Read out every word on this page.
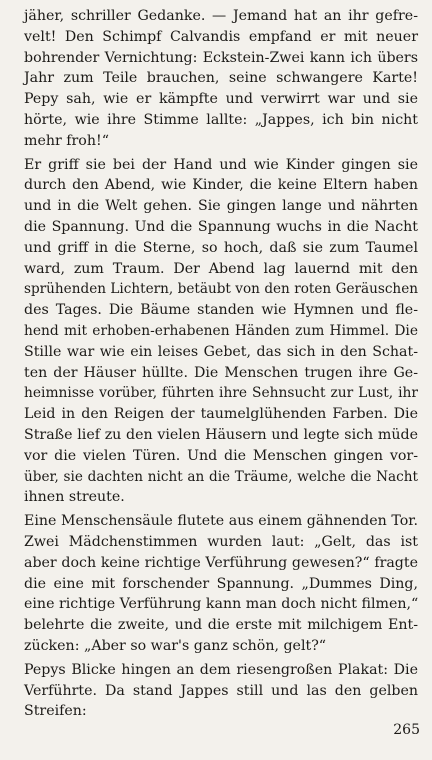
jäher, schriller Gedanke. — Jemand hat an ihr gefre-
velt! Den Schimpf Calvandis empfand er mit neuer
bohrender Vernichtung: Eckstein-Zwei kann ich übers
Jahr zum Teile brauchen, seine schwangere Karte!
Pepy sah, wie er kämpfte und verwirrt war und sie
hörte, wie ihre Stimme lallte: „Jappes, ich bin nicht
mehr froh!“

Er griff sie bei der Hand und wie Kinder gingen sie
durch den Abend, wie Kinder, die keine Eltern haben
und in die Welt gehen. Sie gingen lange und nährten
die Spannung. Und die Spannung wuchs in die Nacht
und griff in die Sterne, so hoch, daß sie zum Taumel
ward, zum Traum. Der Abend lag lauernd mit den
sprühenden Lichtern, betäubt von den roten Geräuschen
des Tages. Die Bäume standen wie Hymnen und fle-
hend mit erhoben-erhabenen Händen zum Himmel. Die
Stille war wie ein leises Gebet, das sich in den Schat-
ten der Häuser hüllte. Die Menschen trugen ihre Ge-
heimnisse vorüber, führten ihre Sehnsucht zur Lust, ihr
Leid in den Reigen der taumelglühenden Farben. Die
Straße lief zu den vielen Häusern und legte sich müde
vor die vielen Türen. Und die Menschen gingen vor-
über, sie dachten nicht an die Träume, welche die Nacht
ihnen streute.

Eine Menschensäule flutete aus einem gähnenden Tor.
Zwei Mädchenstimmen wurden laut: „Gelt, das ist
aber doch keine richtige Verführung gewesen?“ fragte
die eine mit forschender Spannung. „Dummes Ding,
eine richtige Verführung kann man doch nicht filmen,“
belehrte die zweite, und die erste mit milchigem Ent-
zücken: „Aber so war's ganz schön, gelt?“

Pepys Blicke hingen an dem riesengroßen Plakat: Die
Verführte. Da stand Jappes still und las den gelben
Streifen:

265
